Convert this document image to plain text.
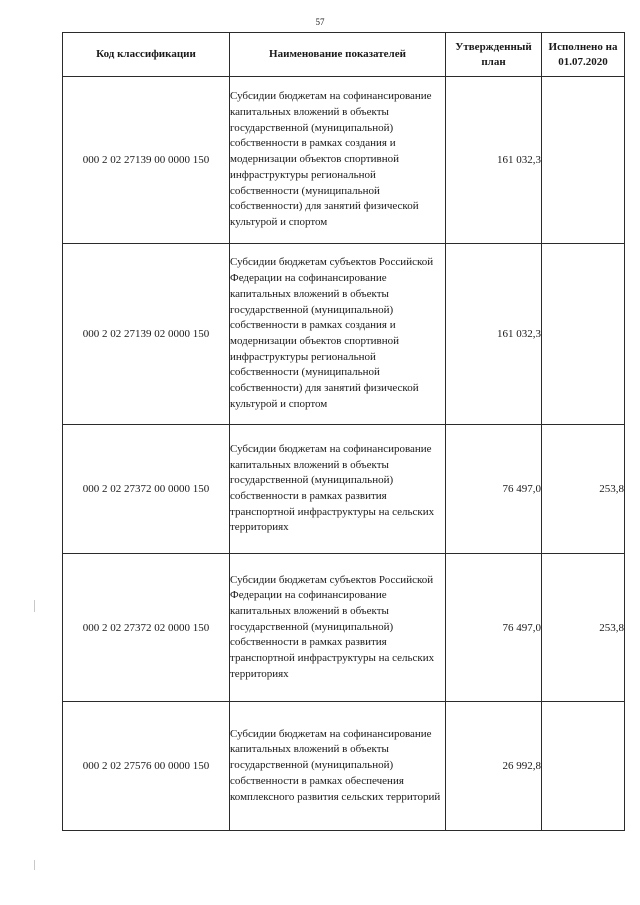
57
Код классификации	Наименование показателей	Утвержденный план	Исполнено на 01.07.2020
000 2 02 27139 00 0000 150	Субсидии бюджетам на софинансирование капитальных вложений в объекты государственной (муниципальной) собственности в рамках создания и модернизации объектов спортивной инфраструктуры региональной собственности (муниципальной собственности) для занятий физической культурой и спортом	161 032,3	
000 2 02 27139 02 0000 150	Субсидии бюджетам субъектов Российской Федерации на софинансирование капитальных вложений в объекты государственной (муниципальной) собственности в рамках создания и модернизации объектов спортивной инфраструктуры региональной собственности (муниципальной собственности) для занятий физической культурой и спортом	161 032,3	
000 2 02 27372 00 0000 150	Субсидии бюджетам на софинансирование капитальных вложений в объекты государственной (муниципальной) собственности в рамках развития транспортной инфраструктуры на сельских территориях	76 497,0	253,8
000 2 02 27372 02 0000 150	Субсидии бюджетам субъектов Российской Федерации на софинансирование капитальных вложений в объекты государственной (муниципальной) собственности в рамках развития транспортной инфраструктуры на сельских территориях	76 497,0	253,8
000 2 02 27576 00 0000 150	Субсидии бюджетам на софинансирование капитальных вложений в объекты государственной (муниципальной) собственности в рамках обеспечения комплексного развития сельских территорий	26 992,8	
